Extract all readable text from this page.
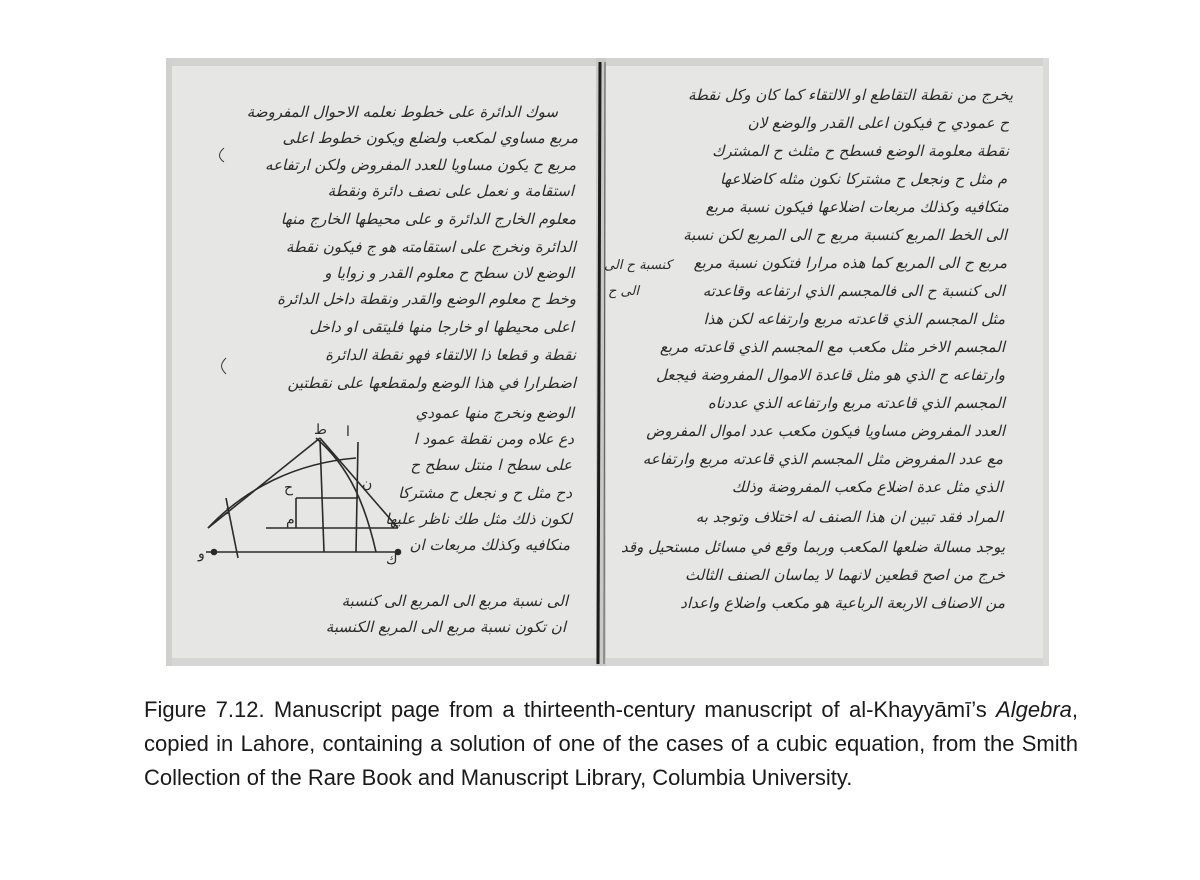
ط ا
ن
ح
م
و
د
ك
سوك الدائرة على خطوط نعلمه الاحوال المفروضة
مربع مساوي لمكعب ولضلع ويكون خطوط اعلى
مربع ح يكون مساويا للعدد المفروض ولكن ارتفاعه
استقامة و نعمل على نصف دائرة ونقطة
معلوم الخارج الدائرة و على محيطها الخارج منها
الدائرة ونخرج على استقامته هو ج فيكون نقطة
الوضع لان سطح ح معلوم القدر و زوايا و
وخط ح معلوم الوضع والقدر ونقطة داخل الدائرة
اعلى محيطها او خارجا منها فليتقى او داخل
نقطة و قطعا ذا الالتقاء فهو نقطة الدائرة
اضطرارا في هذا الوضع ولمقطعها على نقطتين
الوضع ونخرج منها عمودي
دع علاه ومن نقطة عمود ا
على سطح ا منتل سطح ح
دح مثل ح و نجعل ح مشتركا
لكون ذلك مثل طك ناظر عليها
منكافيه وكذلك مربعات ان
الى نسبة مربع الى المربع الى كنسبة
ان تكون نسبة مربع الى المربع الكنسبة
يخرج من نقطة التقاطع او الالتقاء كما كان وكل نقطة
ح عمودي ح فيكون اعلى القدر والوضع لان
نقطة معلومة الوضع فسطح ح مثلث ح المشترك
م مثل ح ونجعل ح مشتركا نكون مثله كاضلاعها
متكافيه وكذلك مربعات اضلاعها فيكون نسبة مربع
الى الخط المربع كنسبة مربع ح الى المربع لكن نسبة
مربع ح الى المربع كما هذه مرارا فتكون نسبة مربع
الى كنسبة ح الى فالمجسم الذي ارتفاعه وقاعدته
مثل المجسم الذي قاعدته مربع وارتفاعه لكن هذا
المجسم الاخر مثل مكعب مع المجسم الذي قاعدته مربع
وارتفاعه ح الذي هو مثل قاعدة الاموال المفروضة فيجعل
المجسم الذي قاعدته مربع وارتفاعه الذي عددناه
العدد المفروض مساويا فيكون مكعب عدد اموال المفروض
مع عدد المفروض مثل المجسم الذي قاعدته مربع وارتفاعه
الذي مثل عدة اضلاع مكعب المفروضة وذلك
المراد فقد تبين ان هذا الصنف له اختلاف وتوجد به
يوجد مسالة ضلعها المكعب وربما وقع في مسائل مستحيل وقد
خرج من اصح قطعين لانهما لا يماسان الصنف الثالث
من الاصناف الاربعة الرباعية هو مكعب واضلاع واعداد
كنسبة ح الى
الى ح
Figure 7.12. Manuscript page from a thirteenth-century manuscript of al-Khayyāmī’s Algebra, copied in Lahore, containing a solution of one of the cases of a cubic equation, from the Smith Collection of the Rare Book and Manuscript Library, Columbia University.
